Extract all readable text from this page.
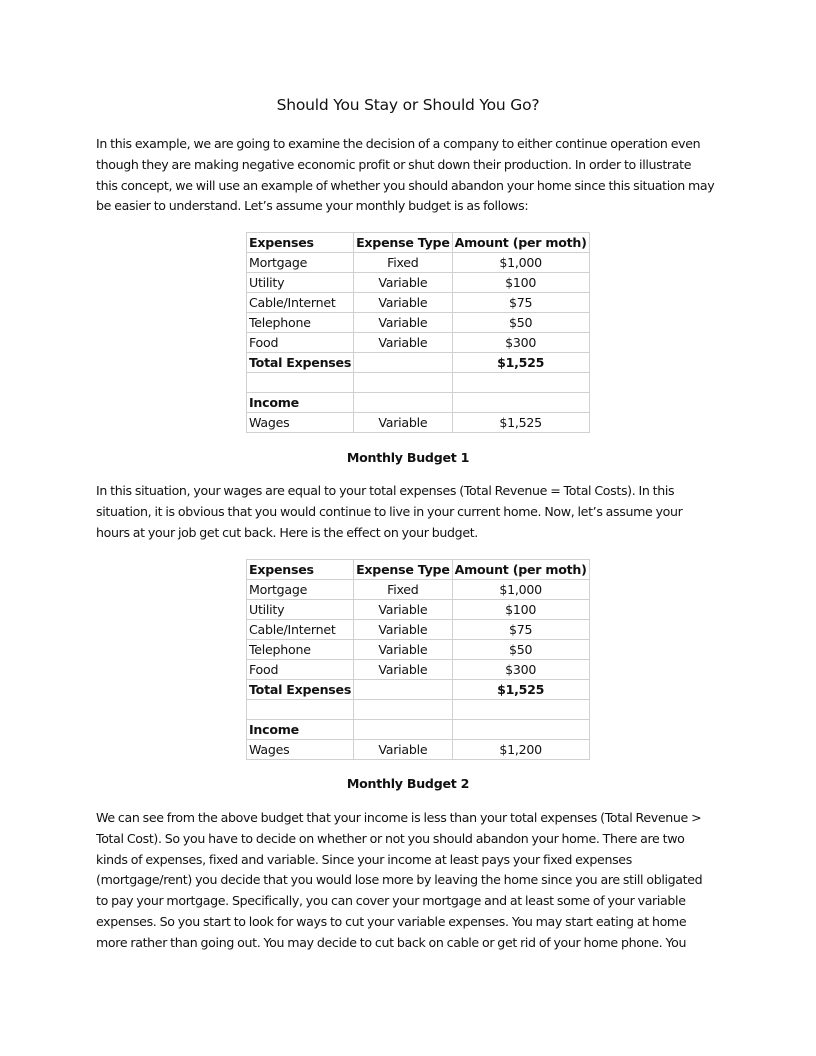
Should You Stay or Should You Go?
In this example, we are going to examine the decision of a company to either continue operation even
though they are making negative economic profit or shut down their production. In order to illustrate
this concept, we will use an example of whether you should abandon your home since this situation may
be easier to understand. Let’s assume your monthly budget is as follows:
Expenses	Expense Type	Amount (per moth)
Mortgage	Fixed	$1,000
Utility	Variable	$100
Cable/Internet	Variable	$75
Telephone	Variable	$50
Food	Variable	$300
Total Expenses		$1,525

Income		
Wages	Variable	$1,525
Monthly Budget 1
In this situation, your wages are equal to your total expenses (Total Revenue = Total Costs). In this
situation, it is obvious that you would continue to live in your current home. Now, let’s assume your
hours at your job get cut back. Here is the effect on your budget.
Expenses	Expense Type	Amount (per moth)
Mortgage	Fixed	$1,000
Utility	Variable	$100
Cable/Internet	Variable	$75
Telephone	Variable	$50
Food	Variable	$300
Total Expenses		$1,525

Income		
Wages	Variable	$1,200
Monthly Budget 2
We can see from the above budget that your income is less than your total expenses (Total Revenue >
Total Cost). So you have to decide on whether or not you should abandon your home. There are two
kinds of expenses, fixed and variable. Since your income at least pays your fixed expenses
(mortgage/rent) you decide that you would lose more by leaving the home since you are still obligated
to pay your mortgage. Specifically, you can cover your mortgage and at least some of your variable
expenses. So you start to look for ways to cut your variable expenses. You may start eating at home
more rather than going out. You may decide to cut back on cable or get rid of your home phone. You
